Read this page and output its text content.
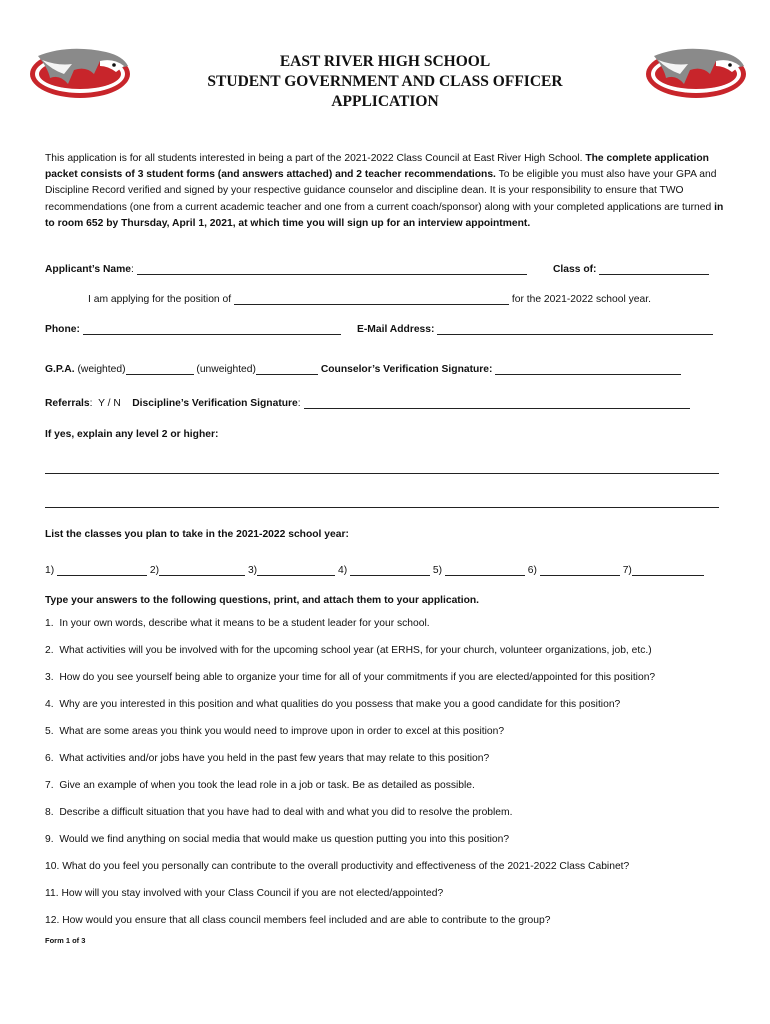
EAST RIVER HIGH SCHOOL
STUDENT GOVERNMENT AND CLASS OFFICER
APPLICATION
This application is for all students interested in being a part of the 2021-2022 Class Council at East River High School. The complete application packet consists of 3 student forms (and answers attached) and 2 teacher recommendations. To be eligible you must also have your GPA and Discipline Record verified and signed by your respective guidance counselor and discipline dean. It is your responsibility to ensure that TWO recommendations (one from a current academic teacher and one from a current coach/sponsor) along with your completed applications are turned in to room 652 by Thursday, April 1, 2021, at which time you will sign up for an interview appointment.
Applicant’s Name:	Class of:
I am applying for the position of	for the 2021-2022 school year.
Phone:	E-Mail Address:
G.P.A. (weighted)	(unweighted)	Counselor’s Verification Signature:
Referrals:  Y / N Discipline’s Verification Signature:
If yes, explain any level 2 or higher:
List the classes you plan to take in the 2021-2022 school year:
1)	2)	3)	4)	5)	6)	7)
Type your answers to the following questions, print, and attach them to your application.
1. In your own words, describe what it means to be a student leader for your school.
2. What activities will you be involved with for the upcoming school year (at ERHS, for your church, volunteer organizations, job, etc.)
3. How do you see yourself being able to organize your time for all of your commitments if you are elected/appointed for this position?
4. Why are you interested in this position and what qualities do you possess that make you a good candidate for this position?
5. What are some areas you think you would need to improve upon in order to excel at this position?
6. What activities and/or jobs have you held in the past few years that may relate to this position?
7. Give an example of when you took the lead role in a job or task. Be as detailed as possible.
8. Describe a difficult situation that you have had to deal with and what you did to resolve the problem.
9. Would we find anything on social media that would make us question putting you into this position?
10. What do you feel you personally can contribute to the overall productivity and effectiveness of the 2021-2022 Class Cabinet?
11. How will you stay involved with your Class Council if you are not elected/appointed?
12. How would you ensure that all class council members feel included and are able to contribute to the group?
Form 1 of 3
